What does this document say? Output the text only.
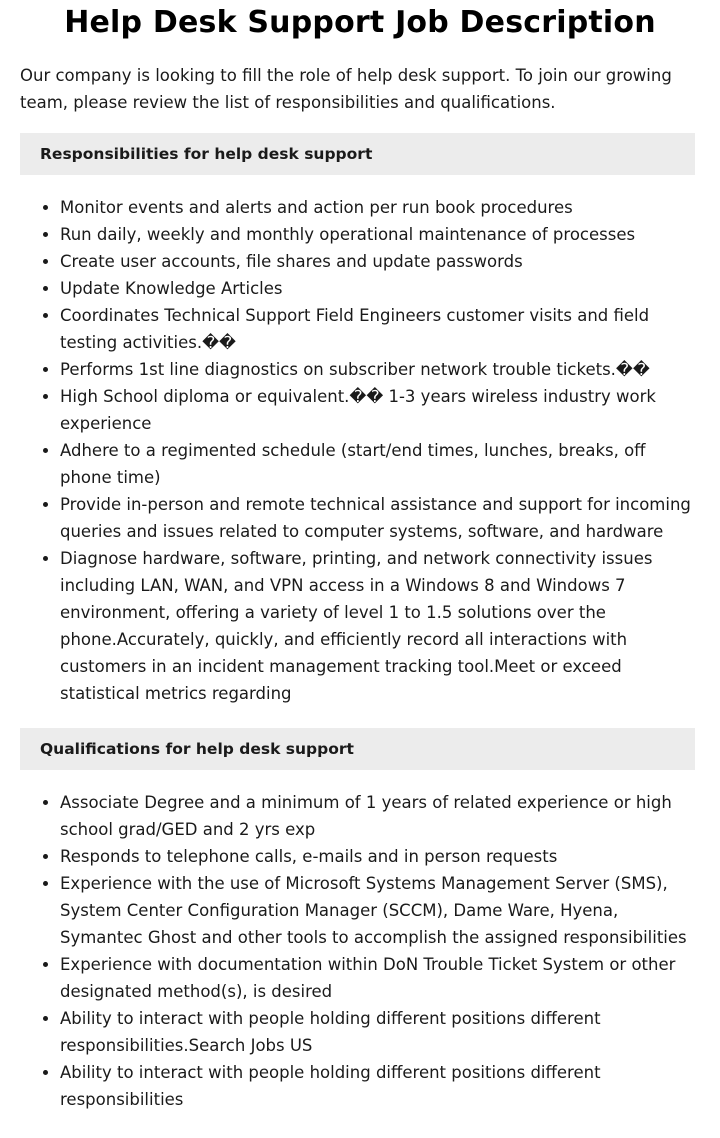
Help Desk Support Job Description

Our company is looking to fill the role of help desk support. To join our growing team, please review the list of responsibilities and qualifications.

Responsibilities for help desk support
Monitor events and alerts and action per run book procedures
Run daily, weekly and monthly operational maintenance of processes
Create user accounts, file shares and update passwords
Update Knowledge Articles
Coordinates Technical Support Field Engineers customer visits and field testing activities.��
Performs 1st line diagnostics on subscriber network trouble tickets.��
High School diploma or equivalent.�� 1-3 years wireless industry work experience
Adhere to a regimented schedule (start/end times, lunches, breaks, off phone time)
Provide in-person and remote technical assistance and support for incoming queries and issues related to computer systems, software, and hardware
Diagnose hardware, software, printing, and network connectivity issues including LAN, WAN, and VPN access in a Windows 8 and Windows 7 environment, offering a variety of level 1 to 1.5 solutions over the phone.Accurately, quickly, and efficiently record all interactions with customers in an incident management tracking tool.Meet or exceed statistical metrics regarding
Qualifications for help desk support
Associate Degree and a minimum of 1 years of related experience or high school grad/GED and 2 yrs exp
Responds to telephone calls, e-mails and in person requests
Experience with the use of Microsoft Systems Management Server (SMS), System Center Configuration Manager (SCCM), Dame Ware, Hyena, Symantec Ghost and other tools to accomplish the assigned responsibilities
Experience with documentation within DoN Trouble Ticket System or other designated method(s), is desired
Ability to interact with people holding different positions different responsibilities.Search Jobs US
Ability to interact with people holding different positions different responsibilities
